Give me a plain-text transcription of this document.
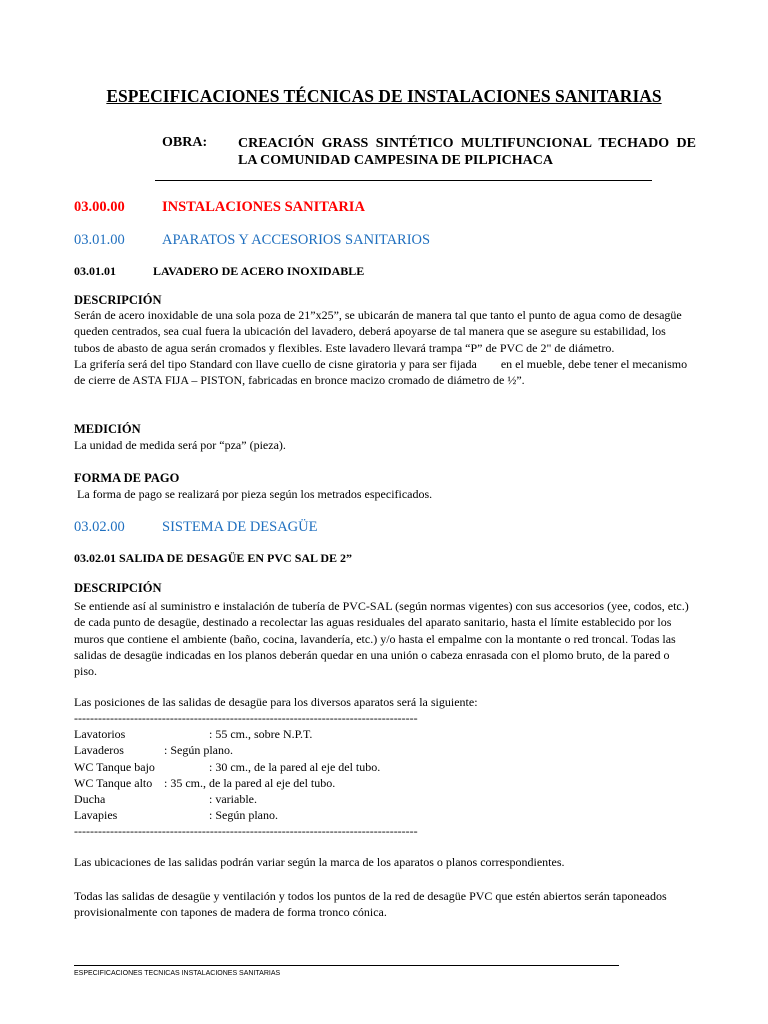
ESPECIFICACIONES TÉCNICAS DE INSTALACIONES SANITARIAS
OBRA: CREACIÓN GRASS SINTÉTICO MULTIFUNCIONAL TECHADO DE LA COMUNIDAD CAMPESINA DE PILPICHACA
03.00.00	INSTALACIONES SANITARIA
03.01.00	APARATOS Y ACCESORIOS SANITARIOS
03.01.01	LAVADERO DE ACERO INOXIDABLE
DESCRIPCIÓN

Serán de acero inoxidable de una sola poza de 21”x25”, se ubicarán de manera tal que tanto el punto de agua como de desagüe queden centrados, sea cual fuera la ubicación del lavadero, deberá apoyarse de tal manera que se asegure su estabilidad, los tubos de abasto de agua serán cromados y flexibles. Este lavadero llevará trampa “P” de PVC de 2" de diámetro.

La grifería será del tipo Standard con llave cuello de cisne giratoria y para ser fijada        en el mueble, debe tener el mecanismo de cierre de ASTA FIJA – PISTON, fabricadas en bronce macizo cromado de diámetro de ½”.

MEDICIÓN
La unidad de medida será por “pza” (pieza).
FORMA DE PAGO
La forma de pago se realizará por pieza según los metrados especificados.
03.02.00	SISTEMA DE DESAGÜE
03.02.01 SALIDA DE DESAGÜE EN PVC SAL DE 2”
DESCRIPCIÓN
Se entiende así al suministro e instalación de tubería de PVC-SAL (según normas vigentes) con sus accesorios (yee, codos, etc.) de cada punto de desagüe, destinado a recolectar las aguas residuales del aparato sanitario, hasta el límite establecido por los muros que contiene el ambiente (baño, cocina, lavandería, etc.) y/o hasta el empalme con la montante o red troncal. Todas las salidas de desagüe indicadas en los planos deberán quedar en una unión o cabeza enrasada con el plomo bruto, de la pared o piso.
Las posiciones de las salidas de desagüe para los diversos aparatos será la siguiente:
--------------------------------------------------------------------------------------
Lavatorios	: 55 cm., sobre N.P.T.
Lavaderos	: Según plano.
WC Tanque bajo	: 30 cm., de la pared al eje del tubo.
WC Tanque alto : 35 cm., de la pared al eje del tubo.
Ducha	: variable.
Lavapies	: Según plano.
--------------------------------------------------------------------------------------
Las ubicaciones de las salidas podrán variar según la marca de los aparatos o planos correspondientes.
Todas las salidas de desagüe y ventilación y todos los puntos de la red de desagüe PVC que estén abiertos serán taponeados provisionalmente con tapones de madera de forma tronco cónica.
ESPECIFICACIONES TECNICAS INSTALACIONES SANITARIAS
